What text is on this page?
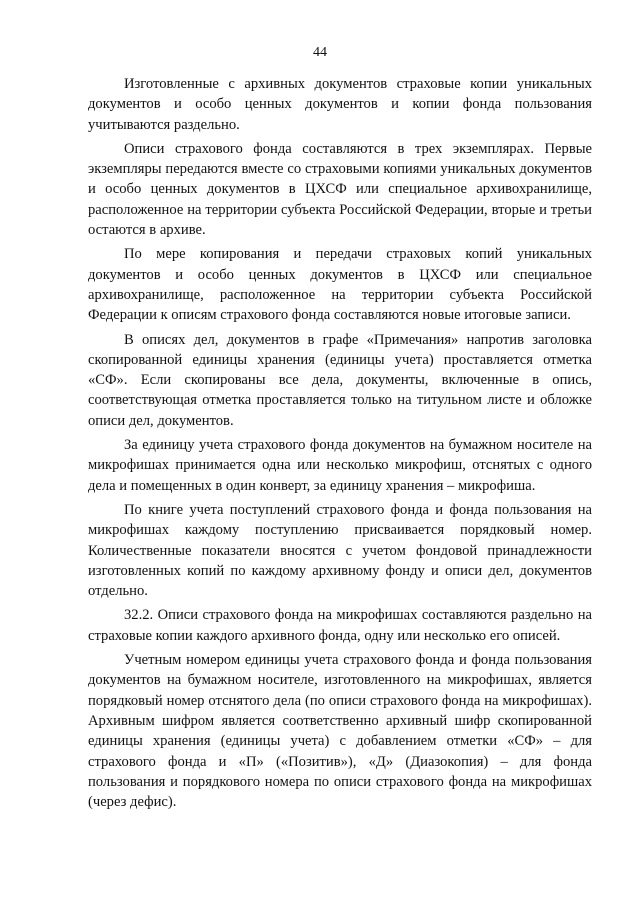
44

Изготовленные с архивных документов страховые копии уникальных документов и особо ценных документов и копии фонда пользования учитываются раздельно.

Описи страхового фонда составляются в трех экземплярах. Первые экземпляры передаются вместе со страховыми копиями уникальных документов и особо ценных документов в ЦХСФ или специальное архивохранилище, расположенное на территории субъекта Российской Федерации, вторые и третьи остаются в архиве.

По мере копирования и передачи страховых копий уникальных документов и особо ценных документов в ЦХСФ или специальное архивохранилище, расположенное на территории субъекта Российской Федерации к описям страхового фонда составляются новые итоговые записи.

В описях дел, документов в графе «Примечания» напротив заголовка скопированной единицы хранения (единицы учета) проставляется отметка «СФ». Если скопированы все дела, документы, включенные в опись, соответствующая отметка проставляется только на титульном листе и обложке описи дел, документов.

За единицу учета страхового фонда документов на бумажном носителе на микрофишах принимается одна или несколько микрофиш, отснятых с одного дела и помещенных в один конверт, за единицу хранения – микрофиша.

По книге учета поступлений страхового фонда и фонда пользования на микрофишах каждому поступлению присваивается порядковый номер. Количественные показатели вносятся с учетом фондовой принадлежности изготовленных копий по каждому архивному фонду и описи дел, документов отдельно.

32.2. Описи страхового фонда на микрофишах составляются раздельно на страховые копии каждого архивного фонда, одну или несколько его описей.

Учетным номером единицы учета страхового фонда и фонда пользования документов на бумажном носителе, изготовленного на микрофишах, является порядковый номер отснятого дела (по описи страхового фонда на микрофишах). Архивным шифром является соответственно архивный шифр скопированной единицы хранения (единицы учета) с добавлением отметки «СФ» – для страхового фонда и «П» («Позитив»), «Д» (Диазокопия) – для фонда пользования и порядкового номера по описи страхового фонда на микрофишах (через дефис).
